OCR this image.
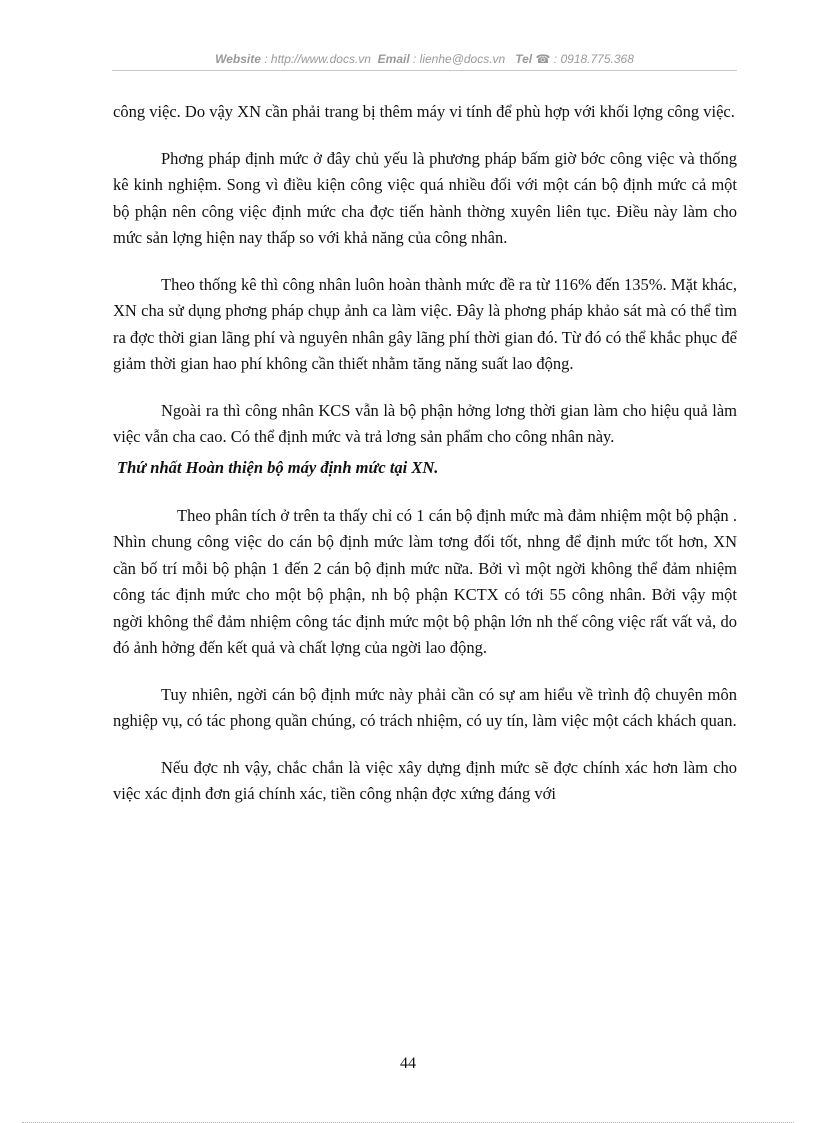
Website : http://www.docs.vn Email : lienhe@docs.vn Tel ☎ : 0918.775.368

công việc. Do vậy XN cần phải trang bị thêm máy vi tính để phù hợp với khối lợng công việc.

Phơng pháp định mức ở đây chủ yếu là phương pháp bấm giờ bớc công việc và thống kê kinh nghiệm. Song vì điều kiện công việc quá nhiều đối với một cán bộ định mức cả một bộ phận nên công việc định mức cha đợc tiến hành thờng xuyên liên tục. Điều này làm cho mức sản lợng hiện nay thấp so với khả năng của công nhân.

Theo thống kê thì công nhân luôn hoàn thành mức đề ra từ 116% đến 135%. Mặt khác, XN cha sử dụng phơng pháp chụp ảnh ca làm việc. Đây là phơng pháp khảo sát mà có thể tìm ra đợc thời gian lãng phí và nguyên nhân gây lãng phí thời gian đó. Từ đó có thể khắc phục để giảm thời gian hao phí không cần thiết nhằm tăng năng suất lao động.

Ngoài ra thì công nhân KCS vẫn là bộ phận hởng lơng thời gian làm cho hiệu quả làm việc vẫn cha cao. Có thể định mức và trả lơng sản phẩm cho công nhân này.

Thứ nhất Hoàn thiện bộ máy định mức tại XN.

Theo phân tích ở trên ta thấy chỉ có 1 cán bộ định mức mà đảm nhiệm một bộ phận . Nhìn chung công việc do cán bộ định mức làm tơng đối tốt, nhng để định mức tốt hơn, XN cần bố trí mỗi bộ phận 1 đến 2 cán bộ định mức nữa. Bởi vì một ngời không thể đảm nhiệm công tác định mức cho một bộ phận, nh bộ phận KCTX có tới 55 công nhân. Bởi vậy một ngời không thể đảm nhiệm công tác định mức một bộ phận lớn nh thế công việc rất vất vả, do đó ảnh hởng đến kết quả và chất lợng của ngời lao động.

Tuy nhiên, ngời cán bộ định mức này phải cần có sự am hiểu về trình độ chuyên môn nghiệp vụ, có tác phong quần chúng, có trách nhiệm, có uy tín, làm việc một cách khách quan.

Nếu đợc nh vậy, chắc chắn là việc xây dựng định mức sẽ đợc chính xác hơn làm cho việc xác định đơn giá chính xác, tiền công nhận đợc xứng đáng với

44
